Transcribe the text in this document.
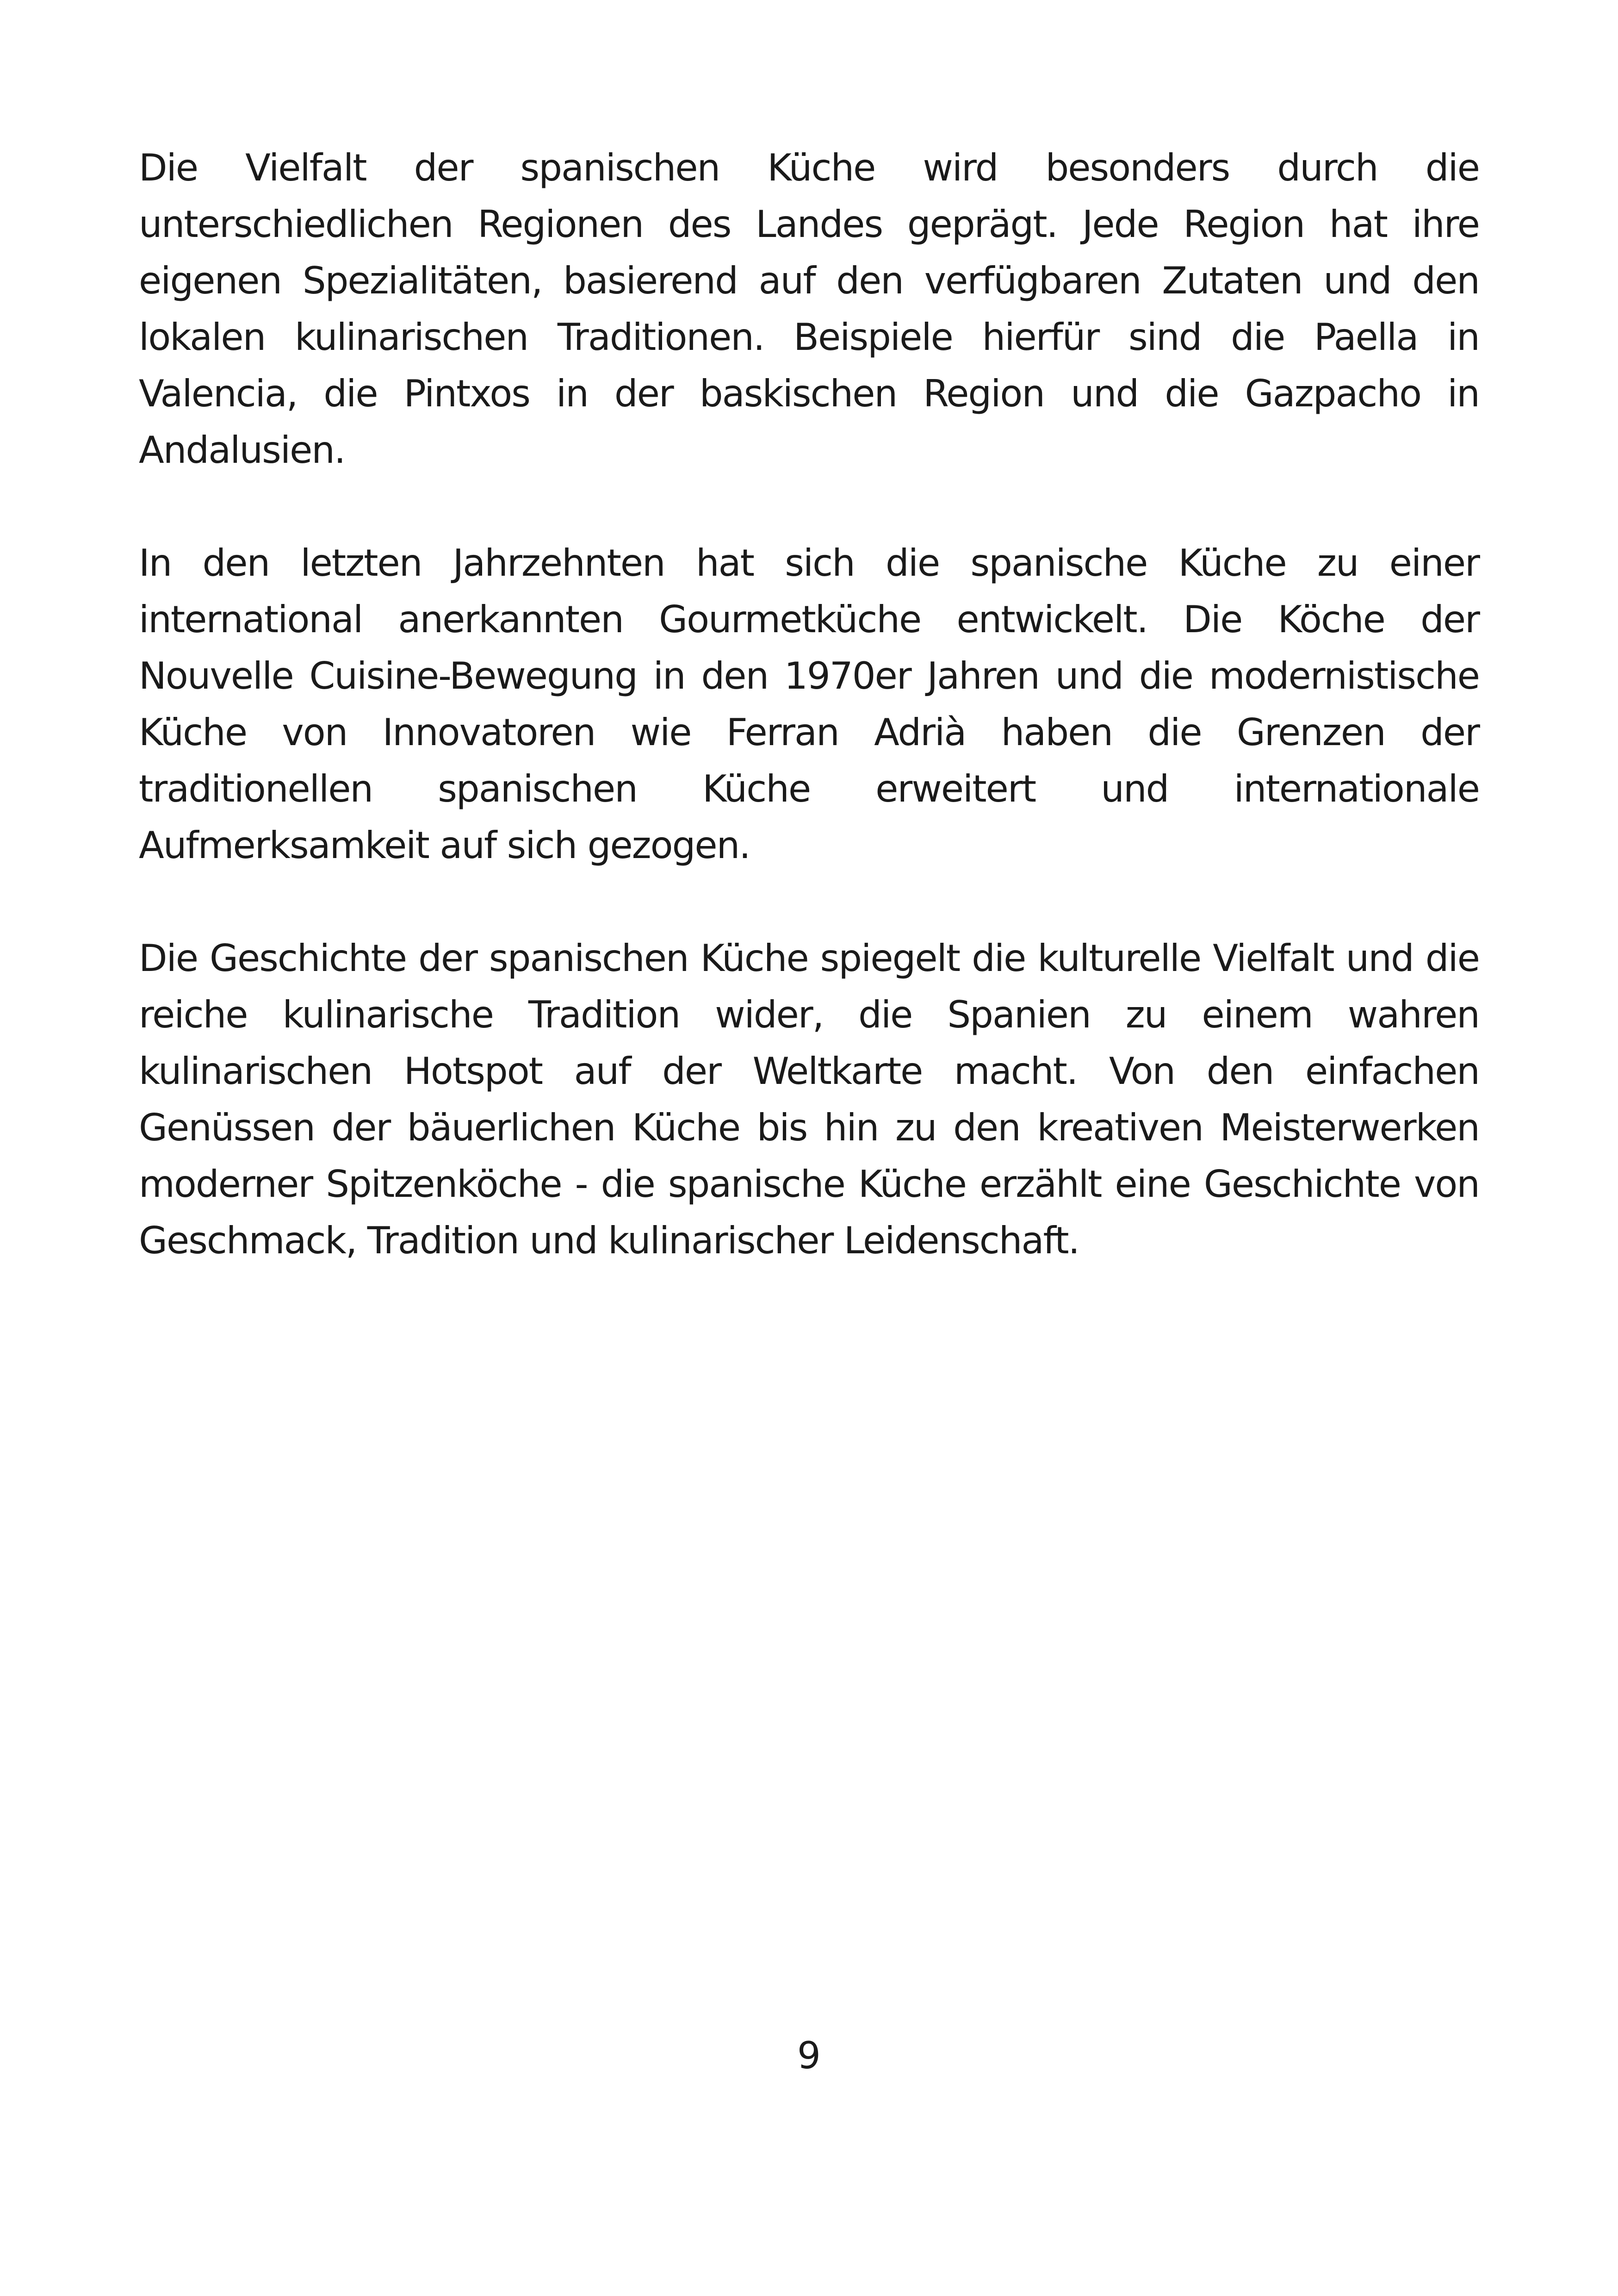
Die Vielfalt der spanischen Küche wird besonders durch die unterschiedlichen Regionen des Landes geprägt. Jede Region hat ihre eigenen Spezialitäten, basierend auf den verfügbaren Zutaten und den lokalen kulinarischen Traditionen. Beispiele hierfür sind die Paella in Valencia, die Pintxos in der baskischen Region und die Gazpacho in Andalusien.

In den letzten Jahrzehnten hat sich die spanische Küche zu einer international anerkannten Gourmetküche entwickelt. Die Köche der Nouvelle Cuisine-Bewegung in den 1970er Jahren und die modernistische Küche von Innovatoren wie Ferran Adrià haben die Grenzen der traditionellen spanischen Küche erweitert und internationale Aufmerksamkeit auf sich gezogen.

Die Geschichte der spanischen Küche spiegelt die kulturelle Vielfalt und die reiche kulinarische Tradition wider, die Spanien zu einem wahren kulinarischen Hotspot auf der Weltkarte macht. Von den einfachen Genüssen der bäuerlichen Küche bis hin zu den kreativen Meisterwerken moderner Spitzenköche - die spanische Küche erzählt eine Geschichte von Geschmack, Tradition und kulinarischer Leidenschaft.

9
